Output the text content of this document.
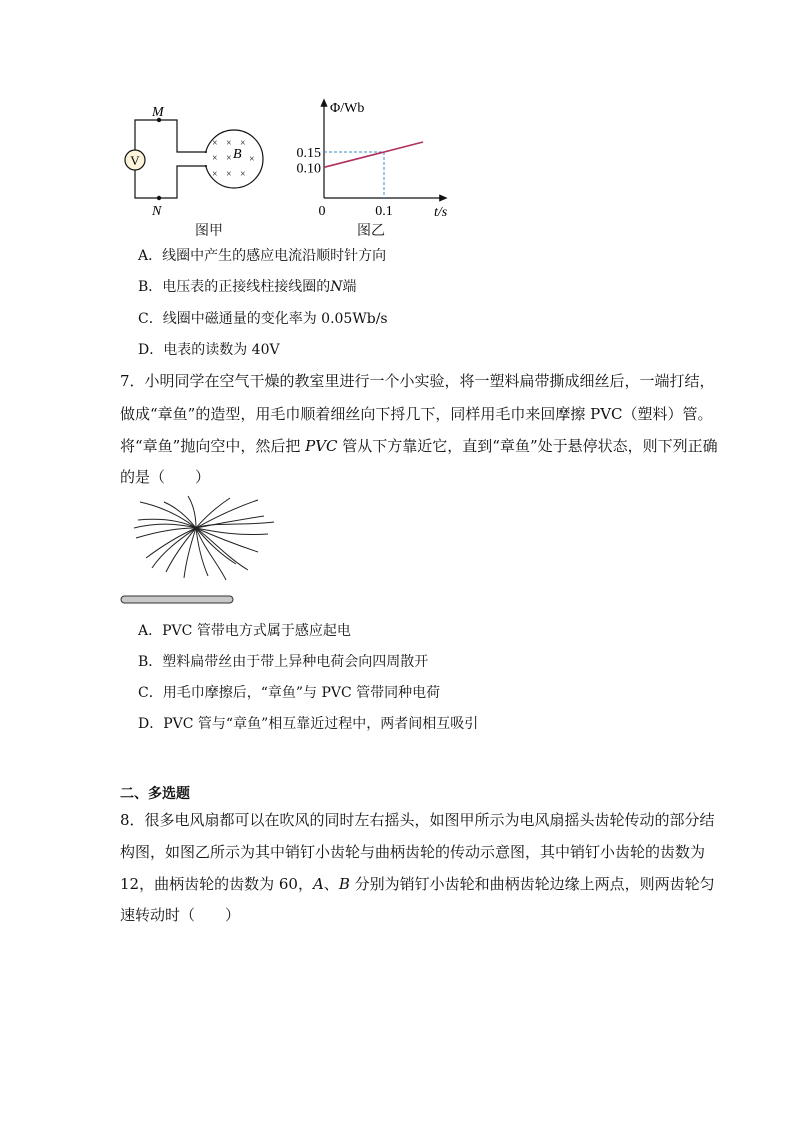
V
M
N
× × ×
× × ×
× × ×
B
图甲
Φ/Wb
t/s
0	0.1
0.10
0.15
图乙
A．线圈中产生的感应电流沿顺时针方向
B．电压表的正接线柱接线圈的N端
C．线圈中磁通量的变化率为 0.05Wb/s
D．电表的读数为 40V
7．小明同学在空气干燥的教室里进行一个小实验，将一塑料扁带撕成细丝后，一端打结，
做成“章鱼”的造型，用毛巾顺着细丝向下捋几下，同样用毛巾来回摩擦 PVC（塑料）管。
将“章鱼”抛向空中，然后把 PVC 管从下方靠近它，直到“章鱼”处于悬停状态，则下列正确
的是（　　）
A．PVC 管带电方式属于感应起电
B．塑料扁带丝由于带上异种电荷会向四周散开
C．用毛巾摩擦后，“章鱼”与 PVC 管带同种电荷
D．PVC 管与“章鱼”相互靠近过程中，两者间相互吸引
二、多选题
8．很多电风扇都可以在吹风的同时左右摇头，如图甲所示为电风扇摇头齿轮传动的部分结
构图，如图乙所示为其中销钉小齿轮与曲柄齿轮的传动示意图，其中销钉小齿轮的齿数为
12，曲柄齿轮的齿数为 60，A、B 分别为销钉小齿轮和曲柄齿轮边缘上两点，则两齿轮匀
速转动时（　　）
